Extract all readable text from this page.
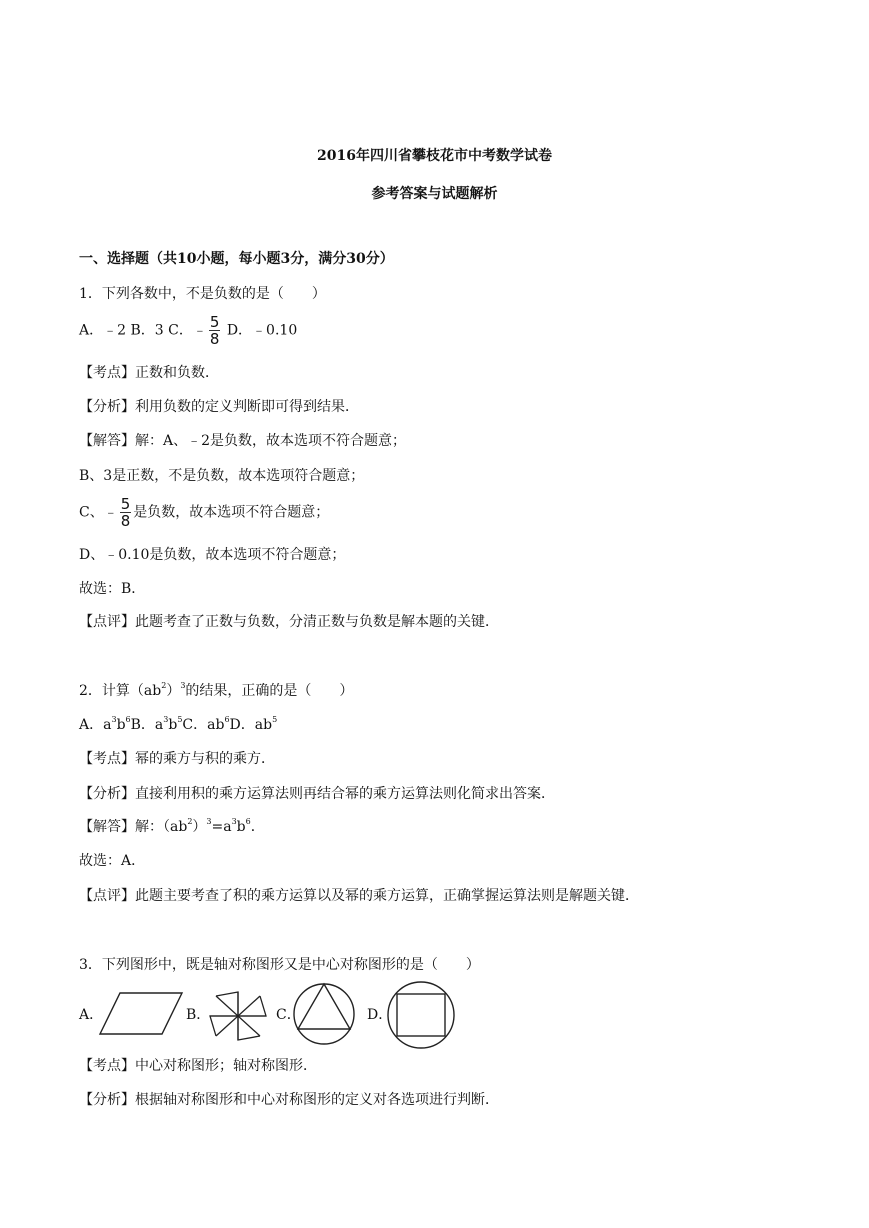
2016年四川省攀枝花市中考数学试卷
参考答案与试题解析
一、选择题（共10小题，每小题3分，满分30分）
1．下列各数中，不是负数的是（　　）
A．﹣2 B．3 C．﹣ $\frac{5}{8}$ D．﹣0.10
【考点】正数和负数．
【分析】利用负数的定义判断即可得到结果．
【解答】解：A、﹣2是负数，故本选项不符合题意；
B、3是正数，不是负数，故本选项符合题意；
C、﹣ $\frac{5}{8}$ 是负数，故本选项不符合题意；
D、﹣0.10是负数，故本选项不符合题意；
故选：B．
【点评】此题考查了正数与负数，分清正数与负数是解本题的关键．
2．计算$(ab^2)^3$的结果，正确的是（　　）
A．$a^3b^6B$．$a^3b^5C$．$ab^6D$．$ab^5$
【考点】幂的乘方与积的乘方．
【分析】直接利用积的乘方运算法则再结合幂的乘方运算法则化简求出答案．
【解答】解：$(ab^2)^3=a^3b^6$．
故选：A．
【点评】此题主要考查了积的乘方运算以及幂的乘方运算，正确掌握运算法则是解题关键．
3．下列图形中，既是轴对称图形又是中心对称图形的是（　　）
A．	B．	C．	D．
【考点】中心对称图形；轴对称图形．
【分析】根据轴对称图形和中心对称图形的定义对各选项进行判断．
